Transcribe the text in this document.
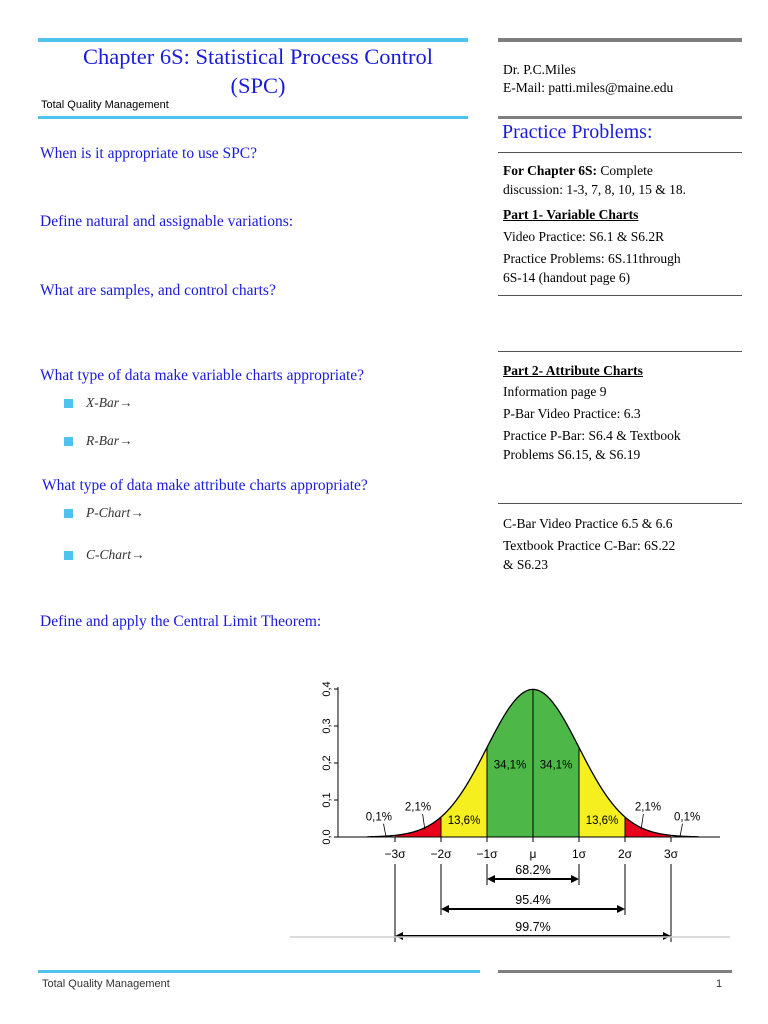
Chapter 6S: Statistical Process Control
(SPC)
Total Quality Management
Dr. P.C.Miles
E-Mail: patti.miles@maine.edu
When is it appropriate to use SPC?
Define natural and assignable variations:
What are samples, and control charts?
What type of data make variable charts appropriate?
X-Bar→
R-Bar→
What type of data make attribute charts appropriate?
P-Chart→
C-Chart→
Define and apply the Central Limit Theorem:
Practice Problems:
For Chapter 6S: Complete
discussion: 1-3, 7, 8, 10, 15 & 18.
Part 1- Variable Charts
Video Practice: S6.1 & S6.2R
Practice Problems: 6S.11through
6S-14 (handout page 6)
Part 2- Attribute Charts
Information page 9
P-Bar Video Practice: 6.3
Practice P-Bar: S6.4 & Textbook
Problems S6.15, & S6.19
C-Bar Video Practice 6.5 & 6.6
Textbook Practice C-Bar: 6S.22
& S6.23
0,0
0,1
0,2
0,3
0,4
−3σ −2σ −1σ	μ	1σ	2σ	3σ
34,1% 34,1%
13,6%	13,6%
2,1%	2,1%
0,1%	0,1%
68.2%
95.4%
99.7%
Total Quality Management	1
